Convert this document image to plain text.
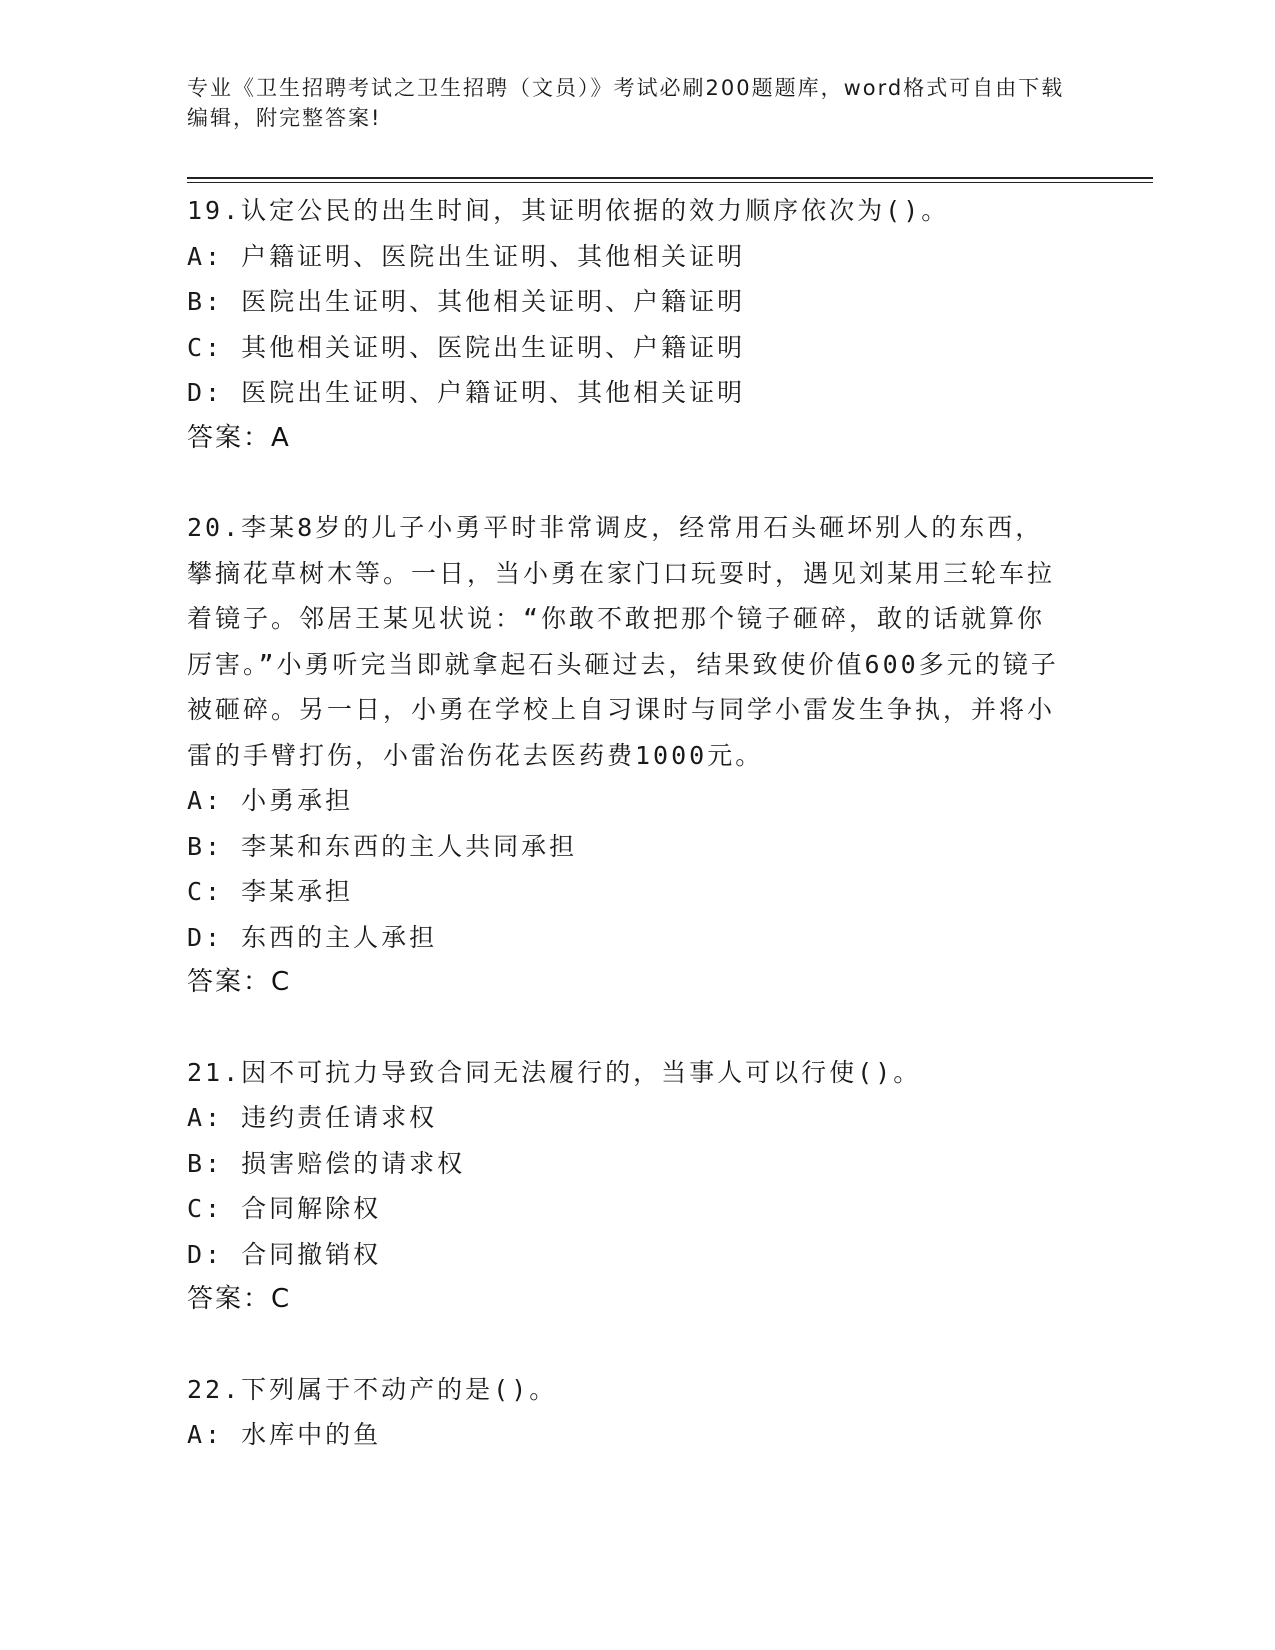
专业《卫生招聘考试之卫生招聘（文员）》考试必刷200题题库，word格式可自由下载编辑，附完整答案!

19.认定公民的出生时间，其证明依据的效力顺序依次为()。

A: 户籍证明、医院出生证明、其他相关证明

B: 医院出生证明、其他相关证明、户籍证明

C: 其他相关证明、医院出生证明、户籍证明

D: 医院出生证明、户籍证明、其他相关证明

答案：A

20.李某8岁的儿子小勇平时非常调皮，经常用石头砸坏别人的东西，攀摘花草树木等。一日，当小勇在家门口玩耍时，遇见刘某用三轮车拉着镜子。邻居王某见状说：“你敢不敢把那个镜子砸碎，敢的话就算你厉害。”小勇听完当即就拿起石头砸过去，结果致使价值600多元的镜子被砸碎。另一日，小勇在学校上自习课时与同学小雷发生争执，并将小雷的手臂打伤，小雷治伤花去医药费1000元。

A: 小勇承担

B: 李某和东西的主人共同承担

C: 李某承担

D: 东西的主人承担

答案：C

21.因不可抗力导致合同无法履行的，当事人可以行使()。

A: 违约责任请求权

B: 损害赔偿的请求权

C: 合同解除权

D: 合同撤销权

答案：C

22.下列属于不动产的是()。

A: 水库中的鱼
